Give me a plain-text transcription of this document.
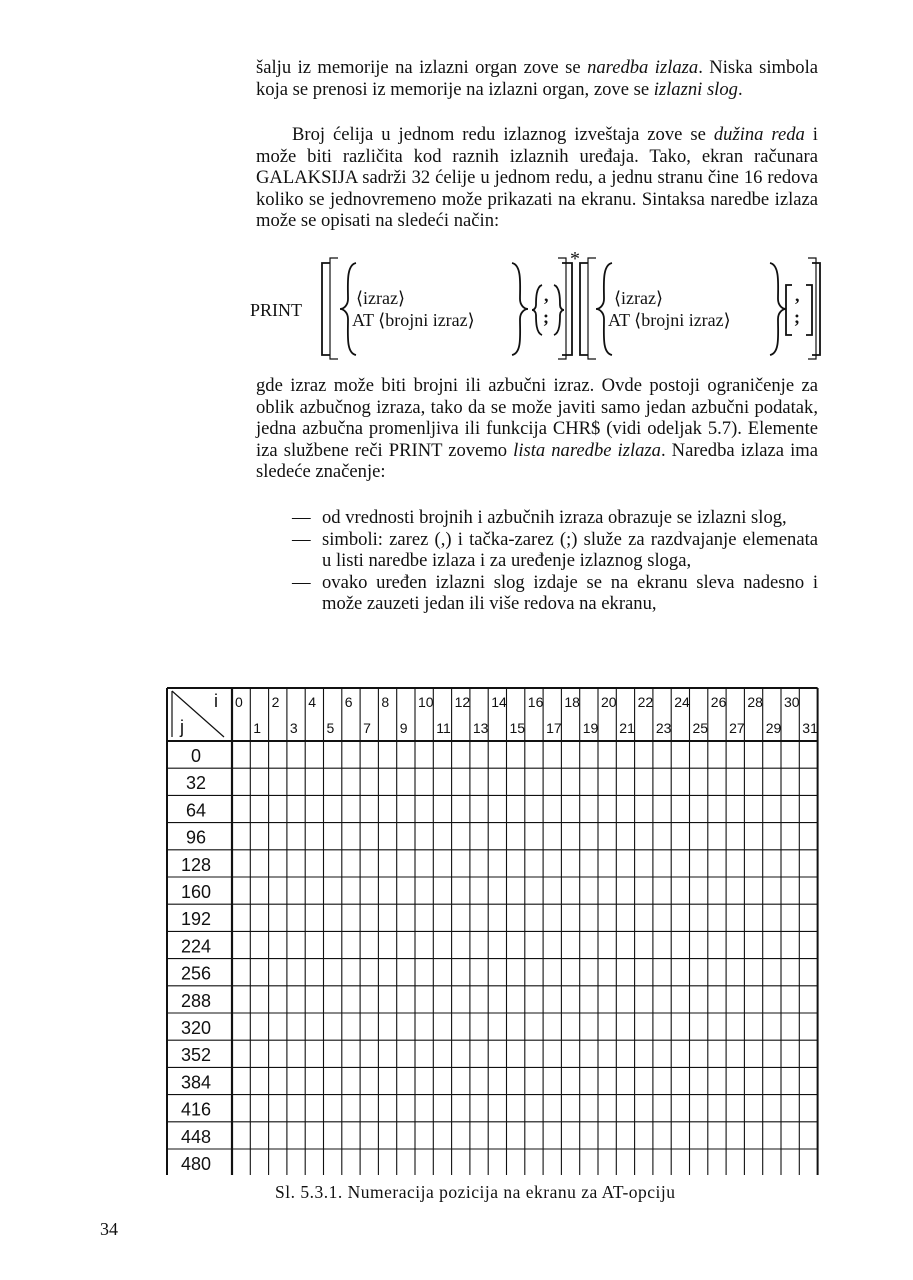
šalju iz memorije na izlazni organ zove se naredba izlaza. Niska simbola koja se prenosi iz memorije na izlazni organ, zove se izlazni slog.

Broj ćelija u jednom redu izlaznog izveštaja zove se dužina reda i može biti različita kod raznih izlaznih uređaja. Tako, ekran računara GALAKSIJA sadrži 32 ćelije u jednom redu, a jednu stranu čine 16 redova koliko se jednovremeno može prikazati na ekranu. Sintaksa naredbe izlaza može se opisati na sledeći način:

PRINT
⟨izraz⟩
AT ⟨brojni izraz⟩
,
;
*
⟨izraz⟩
AT ⟨brojni izraz⟩
,
;

gde izraz može biti brojni ili azbučni izraz. Ovde postoji ograničenje za oblik azbučnog izraza, tako da se može javiti samo jedan azbučni podatak, jedna azbučna promenljiva ili funkcija CHR$ (vidi odeljak 5.7). Elemente iza službene reči PRINT zovemo lista naredbe izlaza. Naredba izlaza ima sledeće značenje:

— od vrednosti brojnih i azbučnih izraza obrazuje se izlazni slog,
— simboli: zarez (,) i tačka-zarez (;) služe za razdvajanje elemenata u listi naredbe izlaza i za uređenje izlaznog sloga,
— ovako uređen izlazni slog izdaje se na ekranu sleva nadesno i može zauzeti jedan ili više redova na ekranu,
i
j
0
1
2
3
4
5
6
7
8
9
10
11
12
13
14
15
16
17
18
19
20
21
22
23
24
25
26
27
28
29
30
31
0
32
64
96
128
160
192
224
256
288
320
352
384
416
448
480
Sl. 5.3.1. Numeracija pozicija na ekranu za AT-opciju
34
